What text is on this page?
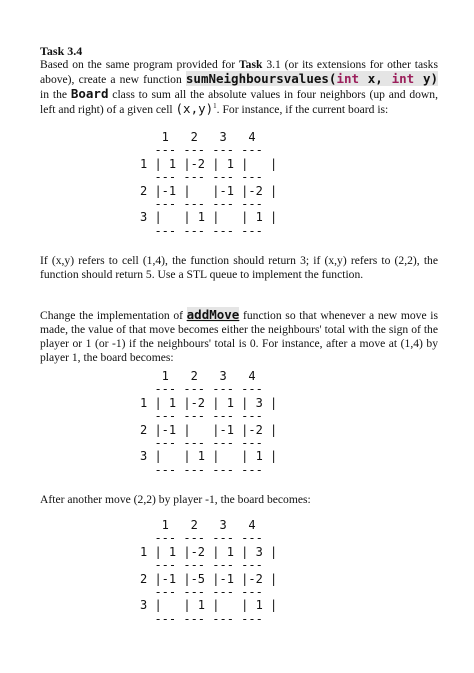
Task 3.4
Based on the same program provided for Task 3.1 (or its extensions for other tasks above), create a new function sumNeighboursvalues(int x, int y) in the Board class to sum all the absolute values in four neighbors (up and down, left and right) of a given cell $(x,y)^1$. For instance, if the current board is:
1   2   3   4
--- --- --- ---
1 | 1 |-2 | 1 |   |
--- --- --- ---
2 |-1 |   |-1 |-2 |
--- --- --- ---
3 |   | 1 |   | 1 |
--- --- --- ---
If (x,y) refers to cell (1,4), the function should return 3; if (x,y) refers to (2,2), the function should return 5. Use a STL queue to implement the function.
Change the implementation of addMove function so that whenever a new move is made, the value of that move becomes either the neighbours' total with the sign of the player or 1 (or -1) if the neighbours' total is 0. For instance, after a move at (1,4) by player 1, the board becomes:
1   2   3   4
--- --- --- ---
1 | 1 |-2 | 1 | 3 |
--- --- --- ---
2 |-1 |   |-1 |-2 |
--- --- --- ---
3 |   | 1 |   | 1 |
--- --- --- ---
After another move (2,2) by player -1, the board becomes:
1   2   3   4
--- --- --- ---
1 | 1 |-2 | 1 | 3 |
--- --- --- ---
2 |-1 |-5 |-1 |-2 |
--- --- --- ---
3 |   | 1 |   | 1 |
--- --- --- ---
